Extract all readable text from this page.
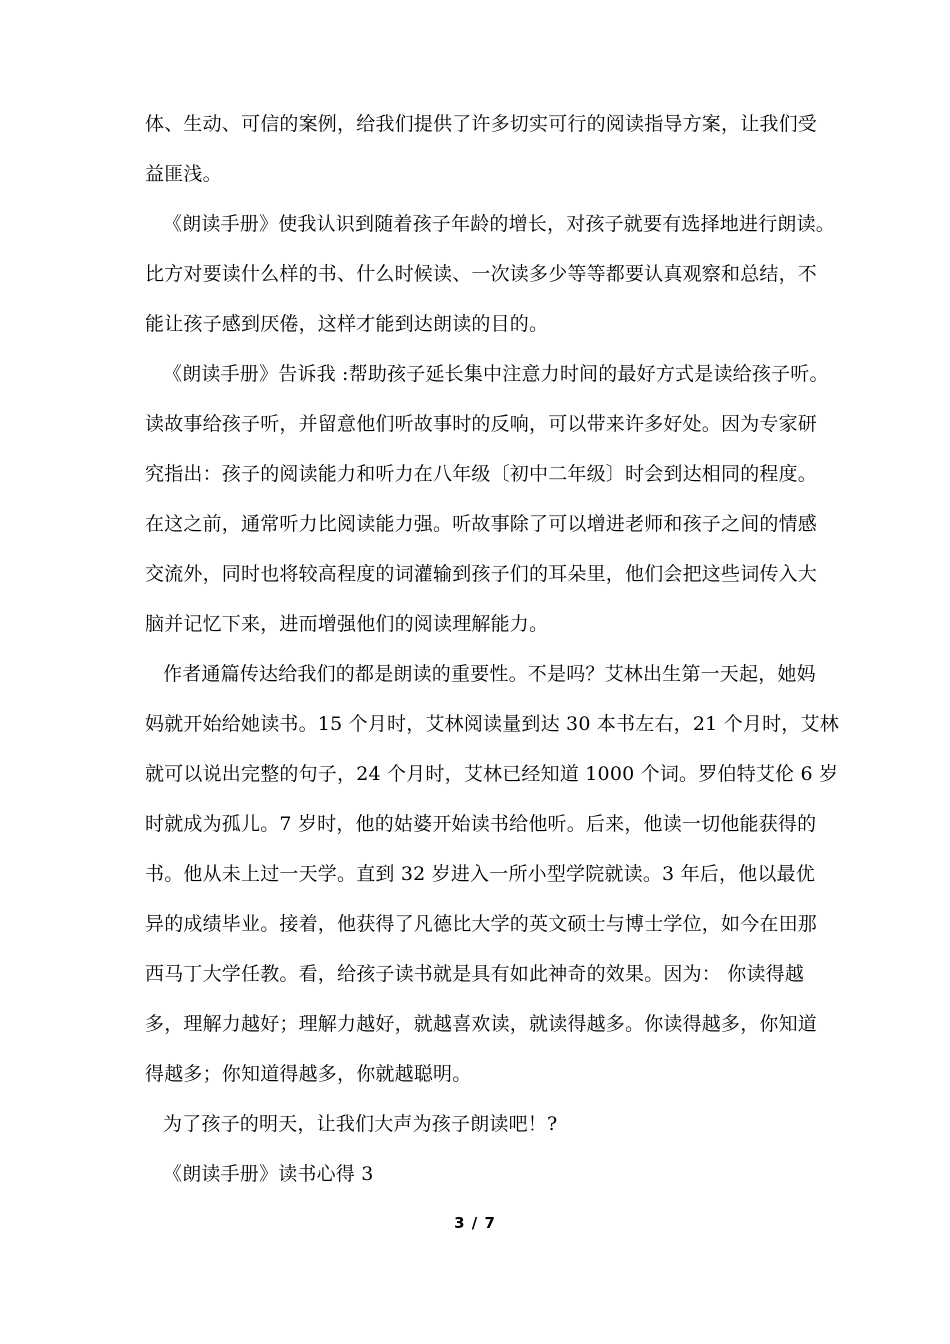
体、生动、可信的案例，给我们提供了许多切实可行的阅读指导方案，让我们受
益匪浅。
《朗读手册》使我认识到随着孩子年龄的增长，对孩子就要有选择地进行朗读。
比方对要读什么样的书、什么时候读、一次读多少等等都要认真观察和总结，不
能让孩子感到厌倦，这样才能到达朗读的目的。
《朗读手册》告诉我 :帮助孩子延长集中注意力时间的最好方式是读给孩子听。
读故事给孩子听，并留意他们听故事时的反响，可以带来许多好处。因为专家研
究指出：孩子的阅读能力和听力在八年级〔初中二年级〕时会到达相同的程度。
在这之前，通常听力比阅读能力强。听故事除了可以增进老师和孩子之间的情感
交流外，同时也将较高程度的词灌输到孩子们的耳朵里，他们会把这些词传入大
脑并记忆下来，进而增强他们的阅读理解能力。
作者通篇传达给我们的都是朗读的重要性。不是吗？艾林出生第一天起，她妈
妈就开始给她读书。15 个月时，艾林阅读量到达 30 本书左右，21 个月时，艾林
就可以说出完整的句子，24 个月时，艾林已经知道 1000 个词。罗伯特艾伦 6 岁
时就成为孤儿。7 岁时，他的姑婆开始读书给他听。后来，他读一切他能获得的
书。他从未上过一天学。直到 32 岁进入一所小型学院就读。3 年后，他以最优
异的成绩毕业。接着，他获得了凡德比大学的英文硕士与博士学位，如今在田那
西马丁大学任教。看，给孩子读书就是具有如此神奇的效果。因为： 你读得越
多，理解力越好；理解力越好，就越喜欢读，就读得越多。你读得越多，你知道
得越多；你知道得越多，你就越聪明。
为了孩子的明天，让我们大声为孩子朗读吧！?
《朗读手册》读书心得 3
3 / 7
